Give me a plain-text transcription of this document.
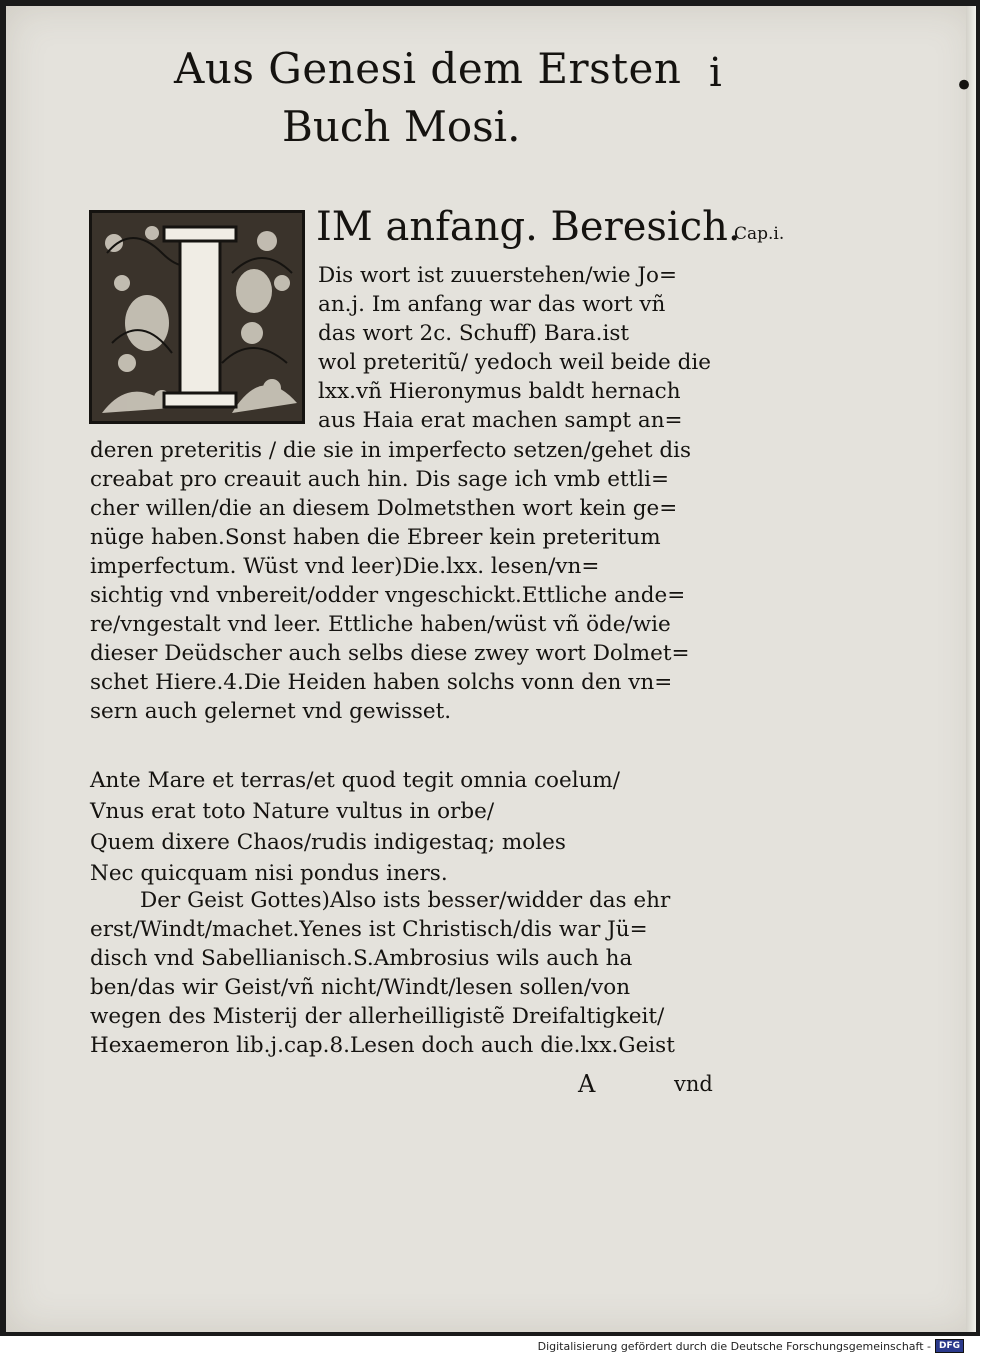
Aus Genesi dem Ersten
Buch Mosi.
i	•
IM anfang. Beresich.
Cap.i.
Dis wort ist zuuerstehen/wie Jo=
an.j. Im anfang war das wort vñ
das wort 2c. Schuff) Bara.ist
wol preteritũ/ yedoch weil beide die
lxx.vñ Hieronymus baldt hernach
aus Haia erat machen sampt an=
deren preteritis / die sie in imperfecto setzen/gehet dis
creabat pro creauit auch hin. Dis sage ich vmb ettli=
cher willen/die an diesem Dolmetsthen wort kein ge=
nüge haben.Sonst haben die Ebreer kein preteritum
imperfectum. Wüst vnd leer)Die.lxx. lesen/vn=
sichtig vnd vnbereit/odder vngeschickt.Ettliche ande=
re/vngestalt vnd leer. Ettliche haben/wüst vñ öde/wie
dieser Deüdscher auch selbs diese zwey wort Dolmet=
schet Hiere.4.Die Heiden haben solchs vonn den vn=
sern auch gelernet vnd gewisset.
Ante Mare et terras/et quod tegit omnia coelum/
Vnus erat toto Nature vultus in orbe/
Quem dixere Chaos/rudis indigestaq; moles
Nec quicquam nisi pondus iners.
Der Geist Gottes)Also ists besser/widder das ehr
erst/Windt/machet.Yenes ist Christisch/dis war Jü=
disch vnd Sabellianisch.S.Ambrosius wils auch ha
ben/das wir Geist/vñ nicht/Windt/lesen sollen/von
wegen des Misterij der allerheilligistẽ Dreifaltigkeit/
Hexaemeron lib.j.cap.8.Lesen doch auch die.lxx.Geist
A	vnd
Digitalisierung gefördert durch die Deutsche Forschungsgemeinschaft - DFG
